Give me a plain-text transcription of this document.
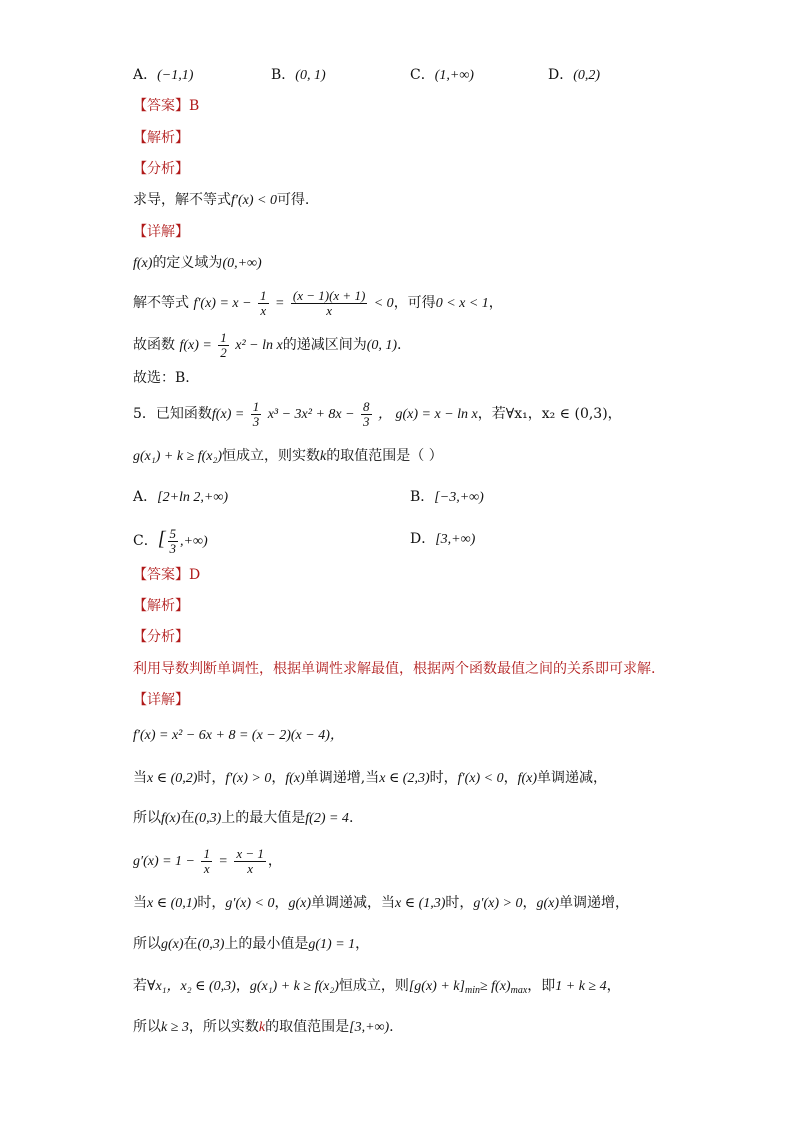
A．(−1,1)	B．(0, 1)	C．(1,+∞)	D．(0,2)
【答案】B
【解析】
【分析】
求导，解不等式f′(x) < 0可得.
【详解】
f(x)的定义域为(0,+∞)
解不等式 $f'(x) = x - \frac{1}{x} = \frac{(x - 1)(x + 1)}{x} < 0$，可得0 < x < 1，
故函数 $f(x) = \frac{1}{2} x^2 - \ln x$的递减区间为(0, 1).
故选：B.
5．已知函数$f(x) = \frac{1}{3} x^3 - 3x^2 + 8x - \frac{8}{3}$ ， g(x) = x − ln x，若∀x₁，x₂ ∈ (0,3)，
g(x₁) + k ≥ f(x₂)恒成立，则实数k的取值范围是（ ）
A．[2+ln 2,+∞)	B．[−3,+∞)
C．[ $\frac{5}{3}$ ,+∞)	D．[3,+∞)
【答案】D
【解析】
【分析】
利用导数判断单调性，根据单调性求解最值，根据两个函数最值之间的关系即可求解.
【详解】
f′(x) = x² − 6x + 8 = (x − 2)(x − 4)，
当x ∈ (0,2)时，f′(x) > 0，f(x)单调递增,当x ∈ (2,3)时，f′(x) < 0，f(x)单调递减，
所以f(x)在(0,3)上的最大值是f(2) = 4.
$g'(x) = 1 - \frac{1}{x} = \frac{x - 1}{x}$ ，
当x ∈ (0,1)时，g′(x) < 0，g(x)单调递减，当x ∈ (1,3)时，g′(x) > 0，g(x)单调递增，
所以g(x)在(0,3)上的最小值是g(1) = 1，
若∀x₁，x₂ ∈ (0,3)，g(x₁) + k ≥ f(x₂)恒成立，则$[g(x) + k]_{min}\ge f(x)_{max}$，即1 + k ≥ 4，
所以k ≥ 3，所以实数k的取值范围是[3,+∞).
